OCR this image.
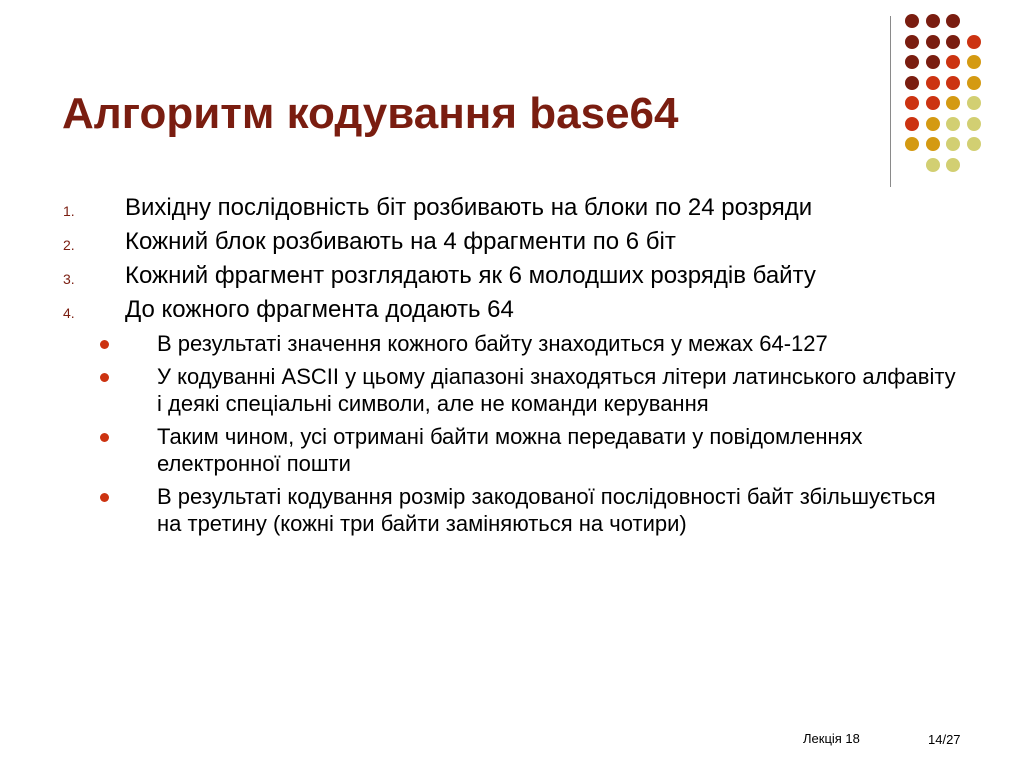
Алгоритм кодування base64
1. Вихідну послідовність біт розбивають на блоки по 24 розряди
2. Кожний блок розбивають на 4 фрагменти по 6 біт
3. Кожний фрагмент розглядають як 6 молодших розрядів байту
4. До кожного фрагмента додають 64
В результаті значення кожного байту знаходиться у межах 64-127
У кодуванні ASCII у цьому діапазоні знаходяться літери латинського алфавіту і деякі спеціальні символи, але не команди керування
Таким чином, усі отримані байти можна передавати у повідомленнях електронної пошти
В результаті кодування розмір закодованої послідовності байт збільшується на третину (кожні три байти заміняються на чотири)
Лекція 18	14/27
